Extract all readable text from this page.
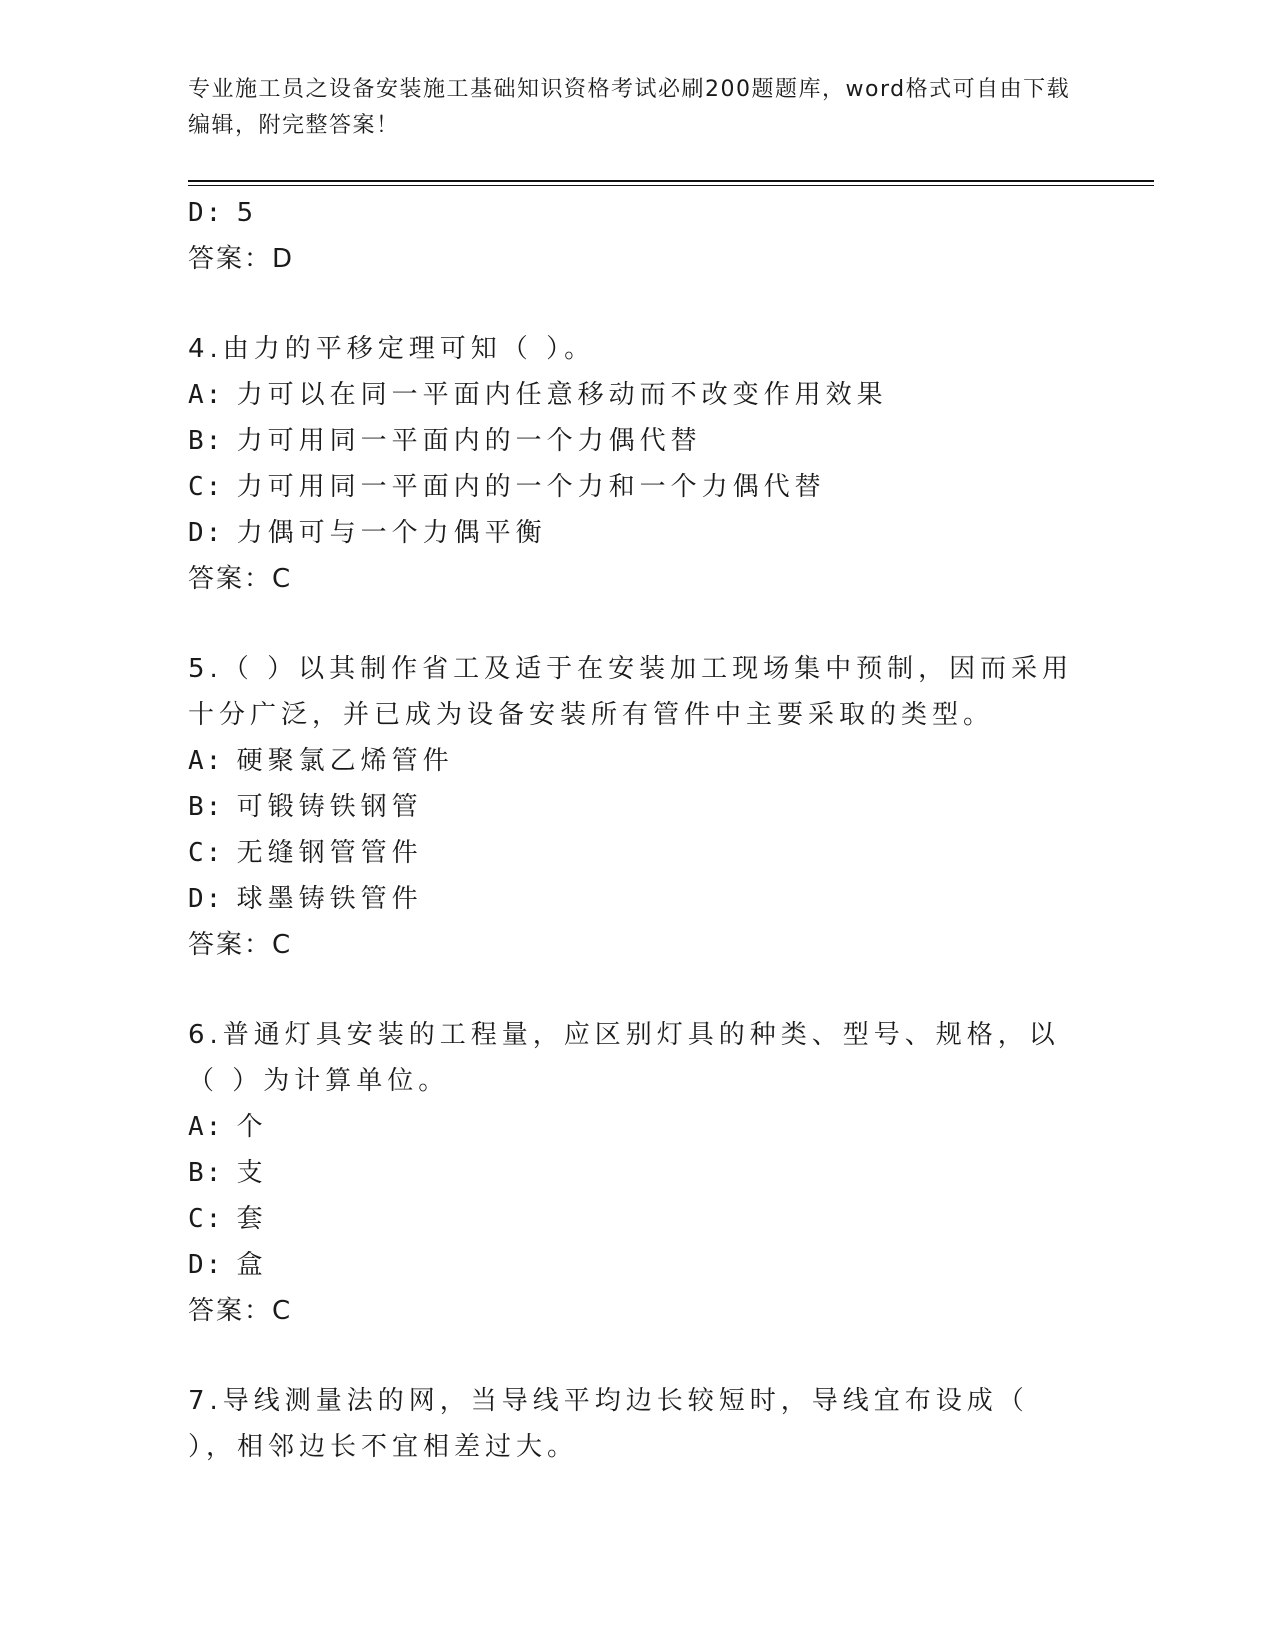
专业施工员之设备安装施工基础知识资格考试必刷200题题库，word格式可自由下载编辑，附完整答案！
D: 5
答案：D
4.由力的平移定理可知（ ）。
A: 力可以在同一平面内任意移动而不改变作用效果
B: 力可用同一平面内的一个力偶代替
C: 力可用同一平面内的一个力和一个力偶代替
D: 力偶可与一个力偶平衡
答案：C
5.（ ）以其制作省工及适于在安装加工现场集中预制，因而采用十分广泛，并已成为设备安装所有管件中主要采取的类型。
A: 硬聚氯乙烯管件
B: 可锻铸铁钢管
C: 无缝钢管管件
D: 球墨铸铁管件
答案：C
6.普通灯具安装的工程量，应区别灯具的种类、型号、规格，以（ ）为计算单位。
A: 个
B: 支
C: 套
D: 盒
答案：C
7.导线测量法的网，当导线平均边长较短时，导线宜布设成（ ），相邻边长不宜相差过大。
